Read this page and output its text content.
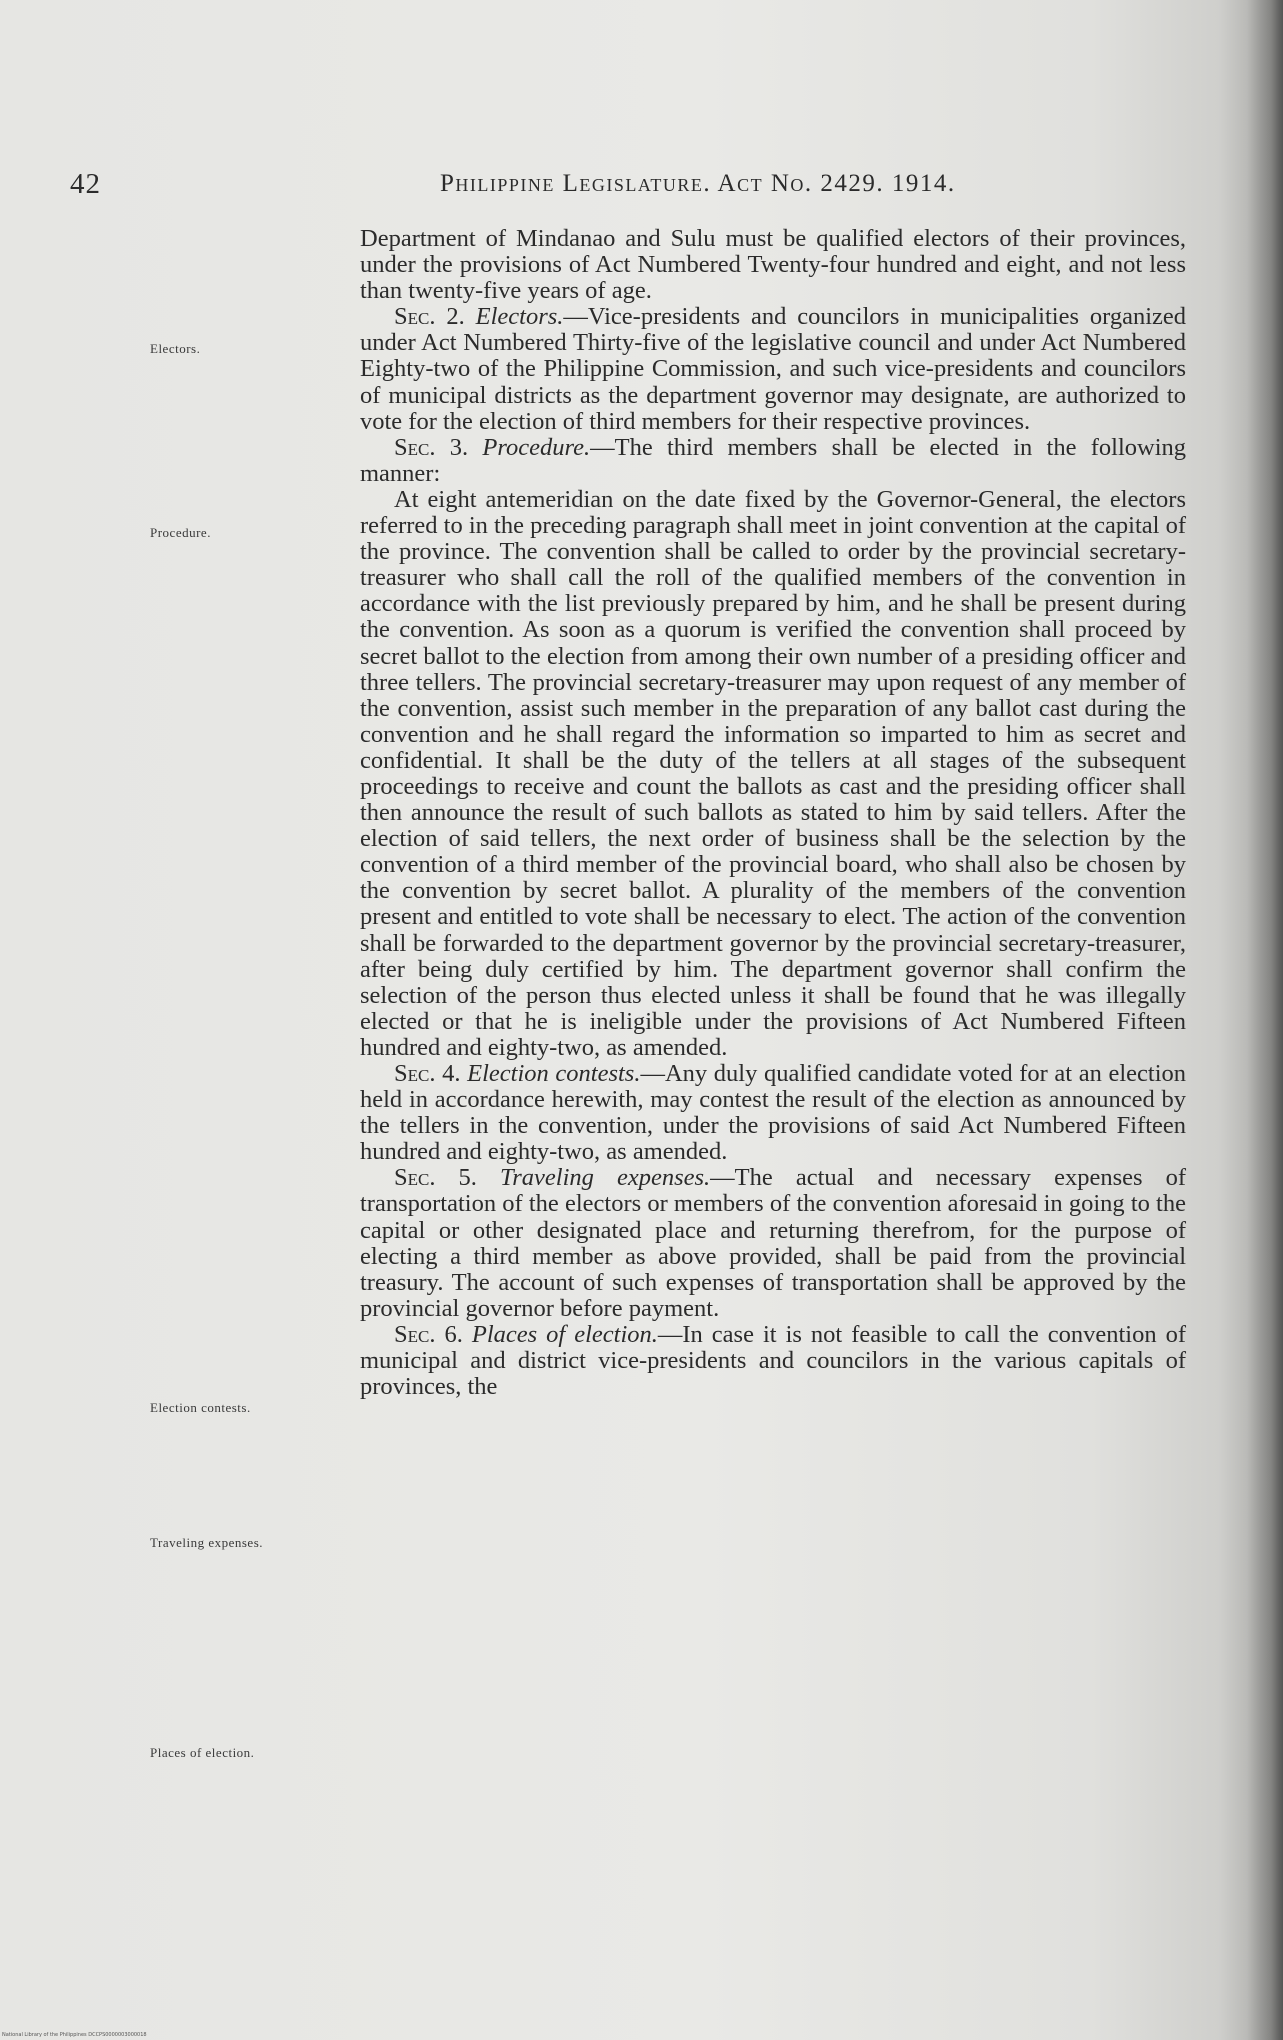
42	Philippine Legislature. Act No. 2429. 1914.
Electors.
Procedure.
Election contests.
Traveling expenses.
Places of election.

Department of Mindanao and Sulu must be qualified electors of their provinces, under the provisions of Act Numbered Twenty-four hundred and eight, and not less than twenty-five years of age.

Sec. 2. Electors.—Vice-presidents and councilors in municipalities organized under Act Numbered Thirty-five of the legislative council and under Act Numbered Eighty-two of the Philippine Commission, and such vice-presidents and councilors of municipal districts as the department governor may designate, are authorized to vote for the election of third members for their respective provinces.

Sec. 3. Procedure.—The third members shall be elected in the following manner:

At eight antemeridian on the date fixed by the Governor-General, the electors referred to in the preceding paragraph shall meet in joint convention at the capital of the province. The convention shall be called to order by the provincial secretary-treasurer who shall call the roll of the qualified members of the convention in accordance with the list previously prepared by him, and he shall be present during the convention. As soon as a quorum is verified the convention shall proceed by secret ballot to the election from among their own number of a presiding officer and three tellers. The provincial secretary-treasurer may upon request of any member of the convention, assist such member in the preparation of any ballot cast during the convention and he shall regard the information so imparted to him as secret and confidential. It shall be the duty of the tellers at all stages of the subsequent proceedings to receive and count the ballots as cast and the presiding officer shall then announce the result of such ballots as stated to him by said tellers. After the election of said tellers, the next order of business shall be the selection by the convention of a third member of the provincial board, who shall also be chosen by the convention by secret ballot. A plurality of the members of the convention present and entitled to vote shall be necessary to elect. The action of the convention shall be forwarded to the department governor by the provincial secretary-treasurer, after being duly certified by him. The department governor shall confirm the selection of the person thus elected unless it shall be found that he was illegally elected or that he is ineligible under the provisions of Act Numbered Fifteen hundred and eighty-two, as amended.

Sec. 4. Election contests.—Any duly qualified candidate voted for at an election held in accordance herewith, may contest the result of the election as announced by the tellers in the convention, under the provisions of said Act Numbered Fifteen hundred and eighty-two, as amended.

Sec. 5. Traveling expenses.—The actual and necessary expenses of transportation of the electors or members of the convention aforesaid in going to the capital or other designated place and returning therefrom, for the purpose of electing a third member as above provided, shall be paid from the provincial treasury. The account of such expenses of transportation shall be approved by the provincial governor before payment.

Sec. 6. Places of election.—In case it is not feasible to call the convention of municipal and district vice-presidents and councilors in the various capitals of provinces, the

National Library of the Philippines DCCPS0000003000018
